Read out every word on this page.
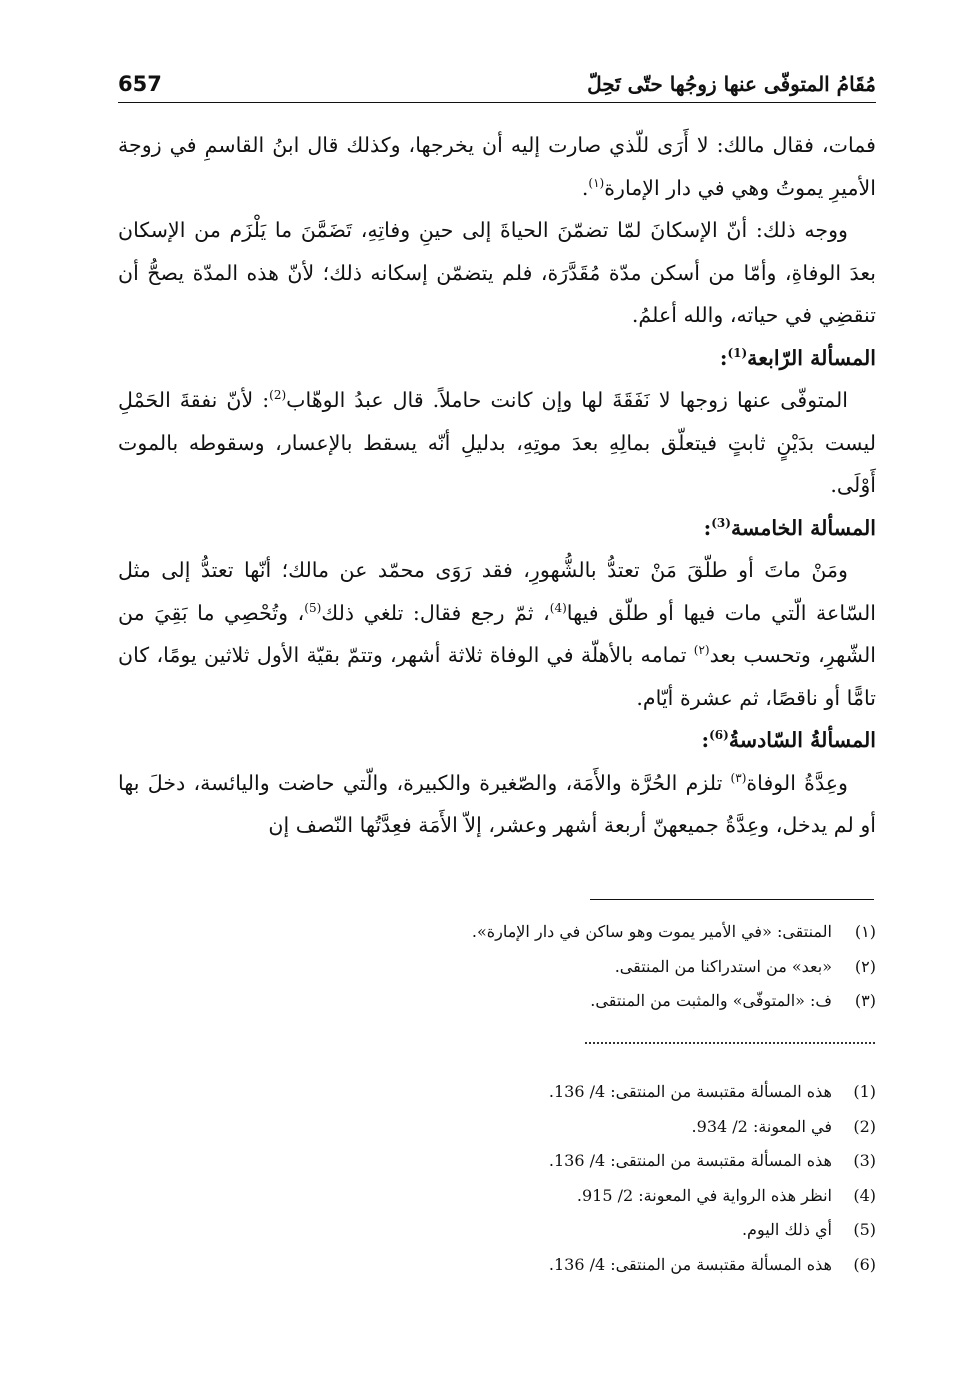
657	مُقَامُ المتوفّى عنها زوجُها حتّى تَحِلّ

فمات، فقال مالك: لا أَرَى للّذي صارت إليه أن يخرجها، وكذلك قال ابنُ القاسمِ في زوجة الأميرِ يموتُ وهي في دار الإمارة$^{(١)}$.

ووجه ذلك: أنّ الإسكانَ لمّا تضمّنَ الحياةَ إلى حينِ وفاتِهِ، تَضَمَّنَ ما يَلْزَم من الإسكان بعدَ الوفاةِ، وأمّا من أسكن مدّة مُقَدَّرَة، فلم يتضمّن إسكانه ذلك؛ لأنّ هذه المدّة يصحُّ أن تنقضِي في حياته، والله أعلمُ.

المسألة الرّابعة$^{(1)}$:

المتوفّى عنها زوجها لا نَفَقَةَ لها وإن كانت حاملاً. قال عبدُ الوهّاب$^{(2)}$: لأنّ نفقةَ الحَمْلِ ليست بدَيْنٍ ثابتٍ فيتعلّق بمالِهِ بعدَ موتِهِ، بدليلِ أنّه يسقط بالإعسار، وسقوطه بالموت أَوْلَى.

المسألة الخامسة$^{(3)}$:

ومَنْ ماتَ أو طلّقَ مَنْ تعتدُّ بالشُّهورِ، فقد رَوَى محمّد عن مالك؛ أنّها تعتدُّ إلى مثل السّاعة الّتي مات فيها أو طلّق فيها$^{(4)}$، ثمّ رجع فقال: تلغي ذلك$^{(5)}$، وتُحْصِي ما بَقِيَ من الشّهرِ، وتحسب بعد$^{(٢)}$ تمامه بالأهلّة في الوفاة ثلاثة أشهر، وتتمّ بقيّة الأول ثلاثين يومًا، كان تامًّا أو ناقصًا، ثم عشرة أيّام.

المسألةُ السّادسةُ$^{(6)}$:

وعِدَّةُ الوفاة$^{(٣)}$ تلزم الحُرَّة والأَمَة، والصّغيرة والكبيرة، والّتي حاضت واليائسة، دخلَ بها أو لم يدخل، وعِدَّةُ جميعهنّ أربعة أشهر وعشر، إلاّ الأَمَة فعِدَّتُها النّصف إن

(١)
المنتقى: «في الأمير يموت وهو ساكن في دار الإمارة».
(٢)
«بعد» من استدراكنا من المنتقى.
(٣)
ف: «المتوفّى» والمثبت من المنتقى.
(1)
هذه المسألة مقتبسة من المنتقى: 4/ 136.
(2)
في المعونة: 2/ 934.
(3)
هذه المسألة مقتبسة من المنتقى: 4/ 136.
(4)
انظر هذه الرواية في المعونة: 2/ 915.
(5)
أي ذلك اليوم.
(6)
هذه المسألة مقتبسة من المنتقى: 4/ 136.
